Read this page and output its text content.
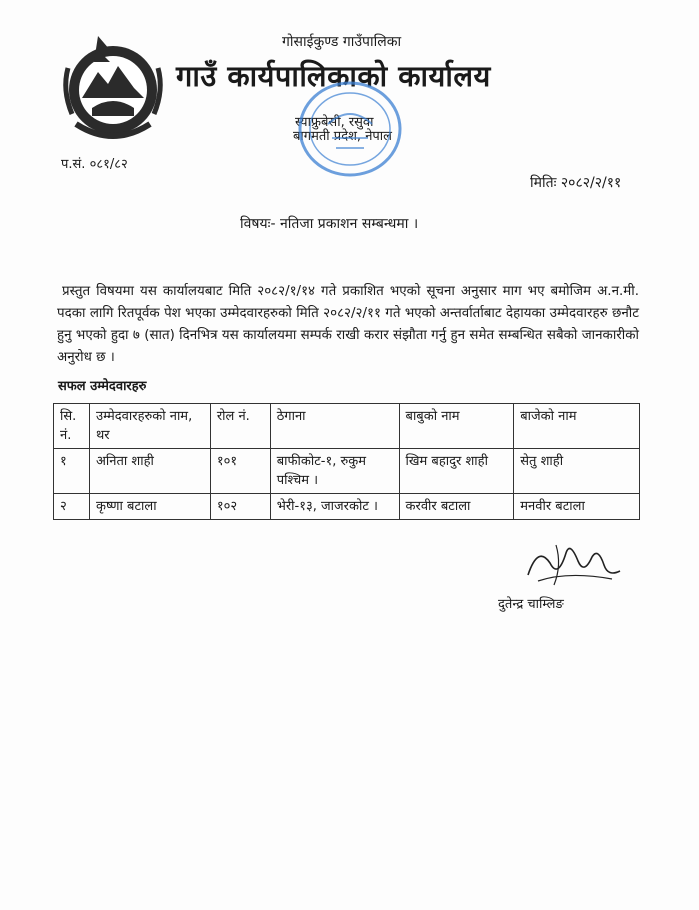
गोसाईकुण्ड गाउँपालिका
गाउँ कार्यपालिकाको कार्यालय
स्याफ्रुबेसी, रसुवा
बागमती प्रदेश, नेपाल
प.सं. ०८१/८२
मितिः २०८२/२/११
विषयः- नतिजा प्रकाशन सम्बन्धमा ।

प्रस्तुत विषयमा यस कार्यालयबाट मिति २०८२/१/१४ गते प्रकाशित भएको सूचना अनुसार माग भए बमोजिम अ.न.मी. पदका लागि रितपूर्वक पेश भएका उम्मेदवारहरुको मिति २०८२/२/११ गते भएको अन्तर्वार्ताबाट देहायका उम्मेदवारहरु छनौट हुनु भएको हुदा ७ (सात) दिनभित्र यस कार्यालयमा सम्पर्क राखी करार संझौता गर्नु हुन समेत सम्बन्धित सबैको जानकारीको अनुरोध छ ।

सफल उम्मेदवारहरु
सि. नं.	उम्मेदवारहरुको नाम, थर	रोल नं.	ठेगाना	बाबुको नाम	बाजेको नाम
१	अनिता शाही	१०१	बाफीकोट-१, रुकुम पश्चिम ।	खिम बहादुर शाही	सेतु शाही
२	कृष्णा बटाला	१०२	भेरी-१३, जाजरकोट ।	करवीर बटाला	मनवीर बटाला
दुतेन्द्र चाम्लिङ
